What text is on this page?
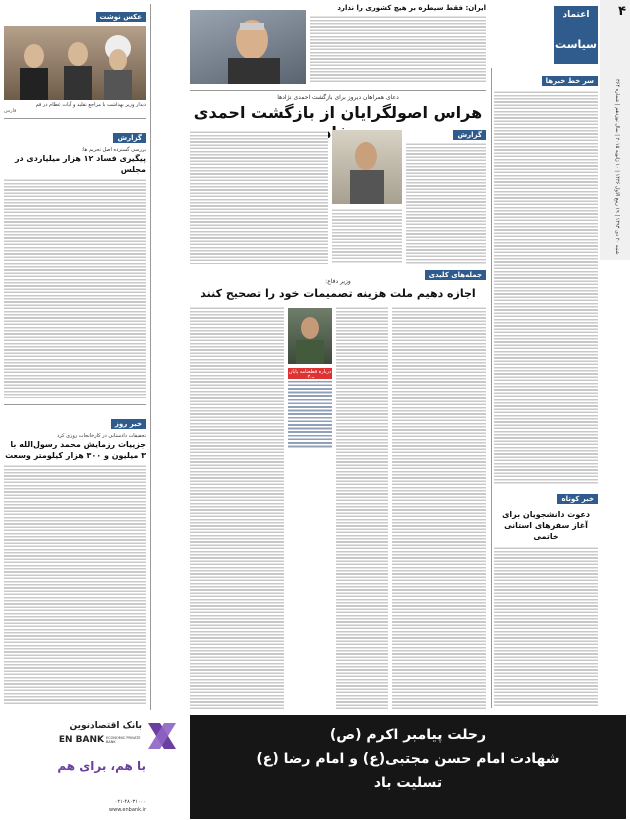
۴
شنبه ۲۰ دی ۱۳۹۳ | ۱۹ ربیع الاول ۱۴۳۶ | ۱۰ ژانویه ۲۰۱۵ | سال نوزدهم | شماره ۳۶۴
اعتماد
سیاست
سر خط خبرها
خبر کوتاه
دعوت دانشجویان برای آغاز سفرهای استانی خاتمی
ایران: فقط سیطره بر هیچ کشوری را ندارد
دعای همراهان دیروز برای بازگشت احمدی نژادها
هراس اصولگرایان از بازگشت احمدی
گزارش
جمله‌های کلیدی
وزیر دفاع:
اجازه دهیم ملت هزینه تصمیمات خود را تصحیح کنند
درباره قطعنامه پایان
عکس نوشت
دیدار وزیر بهداشت با مراجع تقلید و آیات عظام در قم
فارس
گزارش
بررسی گسترده اصل تحریم ها:
پیگیری فساد ۱۲ هزار میلیاردی در مجلس
خبر روز
تحقیقات دادستانی در کارخانجات روزی کرد
جزییات رزمایش محمد رسول‌الله با ۳ میلیون و ۳۰۰ هزار کیلومتر وسعت
رحلت پیامبر اکرم (ص)
شهادت امام حسن مجتبی(ع) و امام رضا (ع)
تسلیت باد
بانک اقتصادنوین
EN BANK ECONOMIC PRIVATE BANK
با هم، برای هم
۰۲۱-۴۸۰۳۱۰۰۰
www.enbank.ir
